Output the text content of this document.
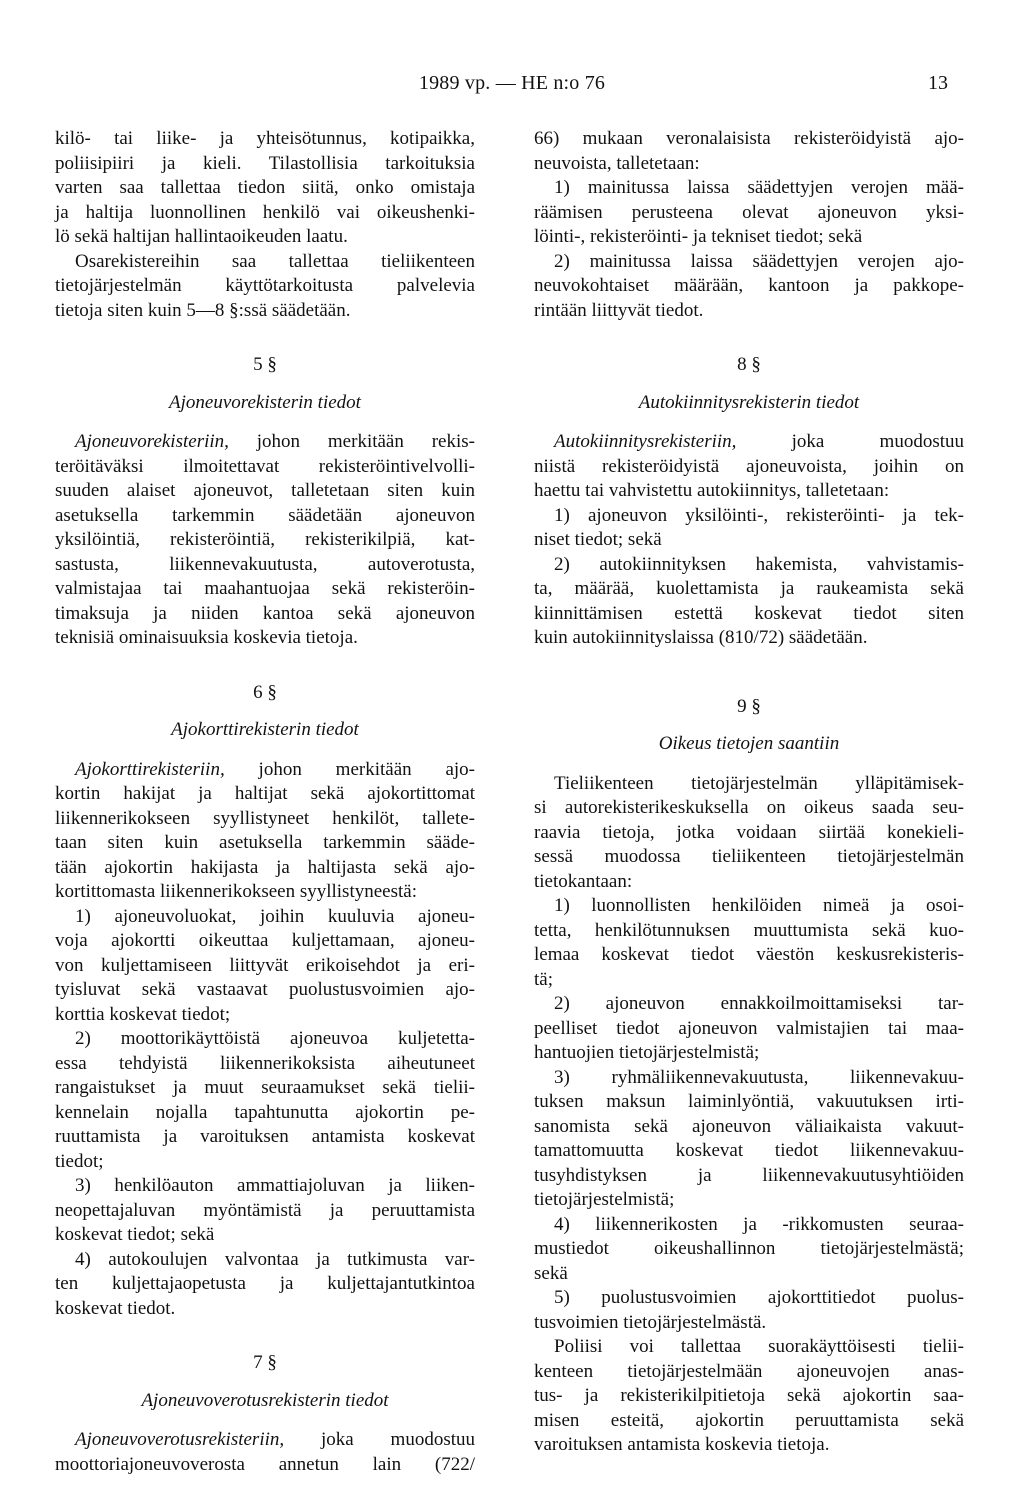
1989 vp. — HE n:o 76	13
kilö- tai liike- ja yhteisötunnus, kotipaikka,
poliisipiiri ja kieli. Tilastollisia tarkoituksia
varten saa tallettaa tiedon siitä, onko omistaja
ja haltija luonnollinen henkilö vai oikeushenki-
lö sekä haltijan hallintaoikeuden laatu.
Osarekistereihin saa tallettaa tieliikenteen
tietojärjestelmän käyttötarkoitusta palvelevia
tietoja siten kuin 5—8 §:ssä säädetään.
5 §
Ajoneuvorekisterin tiedot
Ajoneuvorekisteriin, johon merkitään rekis-
teröitäväksi ilmoitettavat rekisteröintivelvolli-
suuden alaiset ajoneuvot, talletetaan siten kuin
asetuksella tarkemmin säädetään ajoneuvon
yksilöintiä, rekisteröintiä, rekisterikilpiä, kat-
sastusta, liikennevakuutusta, autoverotusta,
valmistajaa tai maahantuojaa sekä rekisteröin-
timaksuja ja niiden kantoa sekä ajoneuvon
teknisiä ominaisuuksia koskevia tietoja.
6 §
Ajokorttirekisterin tiedot
Ajokorttirekisteriin, johon merkitään ajo-
kortin hakijat ja haltijat sekä ajokortittomat
liikennerikokseen syyllistyneet henkilöt, tallete-
taan siten kuin asetuksella tarkemmin sääde-
tään ajokortin hakijasta ja haltijasta sekä ajo-
kortittomasta liikennerikokseen syyllistyneestä:
1) ajoneuvoluokat, joihin kuuluvia ajoneu-
voja ajokortti oikeuttaa kuljettamaan, ajoneu-
von kuljettamiseen liittyvät erikoisehdot ja eri-
tyisluvat sekä vastaavat puolustusvoimien ajo-
korttia koskevat tiedot;
2) moottorikäyttöistä ajoneuvoa kuljetetta-
essa tehdyistä liikennerikoksista aiheutuneet
rangaistukset ja muut seuraamukset sekä tielii-
kennelain nojalla tapahtunutta ajokortin pe-
ruuttamista ja varoituksen antamista koskevat
tiedot;
3) henkilöauton ammattiajoluvan ja liiken-
neopettajaluvan myöntämistä ja peruuttamista
koskevat tiedot; sekä
4) autokoulujen valvontaa ja tutkimusta var-
ten kuljettajaopetusta ja kuljettajantutkintoa
koskevat tiedot.
7 §
Ajoneuvoverotusrekisterin tiedot
Ajoneuvoverotusrekisteriin, joka muodostuu
moottoriajoneuvoverosta annetun lain (722/
66) mukaan veronalaisista rekisteröidyistä ajo-
neuvoista, talletetaan:
1) mainitussa laissa säädettyjen verojen mää-
räämisen perusteena olevat ajoneuvon yksi-
löinti-, rekisteröinti- ja tekniset tiedot; sekä
2) mainitussa laissa säädettyjen verojen ajo-
neuvokohtaiset määrään, kantoon ja pakkope-
rintään liittyvät tiedot.
8 §
Autokiinnitysrekisterin tiedot
Autokiinnitysrekisteriin, joka muodostuu
niistä rekisteröidyistä ajoneuvoista, joihin on
haettu tai vahvistettu autokiinnitys, talletetaan:
1) ajoneuvon yksilöinti-, rekisteröinti- ja tek-
niset tiedot; sekä
2) autokiinnityksen hakemista, vahvistamis-
ta, määrää, kuolettamista ja raukeamista sekä
kiinnittämisen estettä koskevat tiedot siten
kuin autokiinnityslaissa (810/72) säädetään.
9 §
Oikeus tietojen saantiin
Tieliikenteen tietojärjestelmän ylläpitämisek-
si autorekisterikeskuksella on oikeus saada seu-
raavia tietoja, jotka voidaan siirtää konekieli-
sessä muodossa tieliikenteen tietojärjestelmän
tietokantaan:
1) luonnollisten henkilöiden nimeä ja osoi-
tetta, henkilötunnuksen muuttumista sekä kuo-
lemaa koskevat tiedot väestön keskusrekisteris-
tä;
2) ajoneuvon ennakkoilmoittamiseksi tar-
peelliset tiedot ajoneuvon valmistajien tai maa-
hantuojien tietojärjestelmistä;
3) ryhmäliikennevakuutusta, liikennevakuu-
tuksen maksun laiminlyöntiä, vakuutuksen irti-
sanomista sekä ajoneuvon väliaikaista vakuut-
tamattomuutta koskevat tiedot liikennevakuu-
tusyhdistyksen ja liikennevakuutusyhtiöiden
tietojärjestelmistä;
4) liikennerikosten ja -rikkomusten seuraa-
mustiedot oikeushallinnon tietojärjestelmästä;
sekä
5) puolustusvoimien ajokorttitiedot puolus-
tusvoimien tietojärjestelmästä.
Poliisi voi tallettaa suorakäyttöisesti tielii-
kenteen tietojärjestelmään ajoneuvojen anas-
tus- ja rekisterikilpitietoja sekä ajokortin saa-
misen esteitä, ajokortin peruuttamista sekä
varoituksen antamista koskevia tietoja.
